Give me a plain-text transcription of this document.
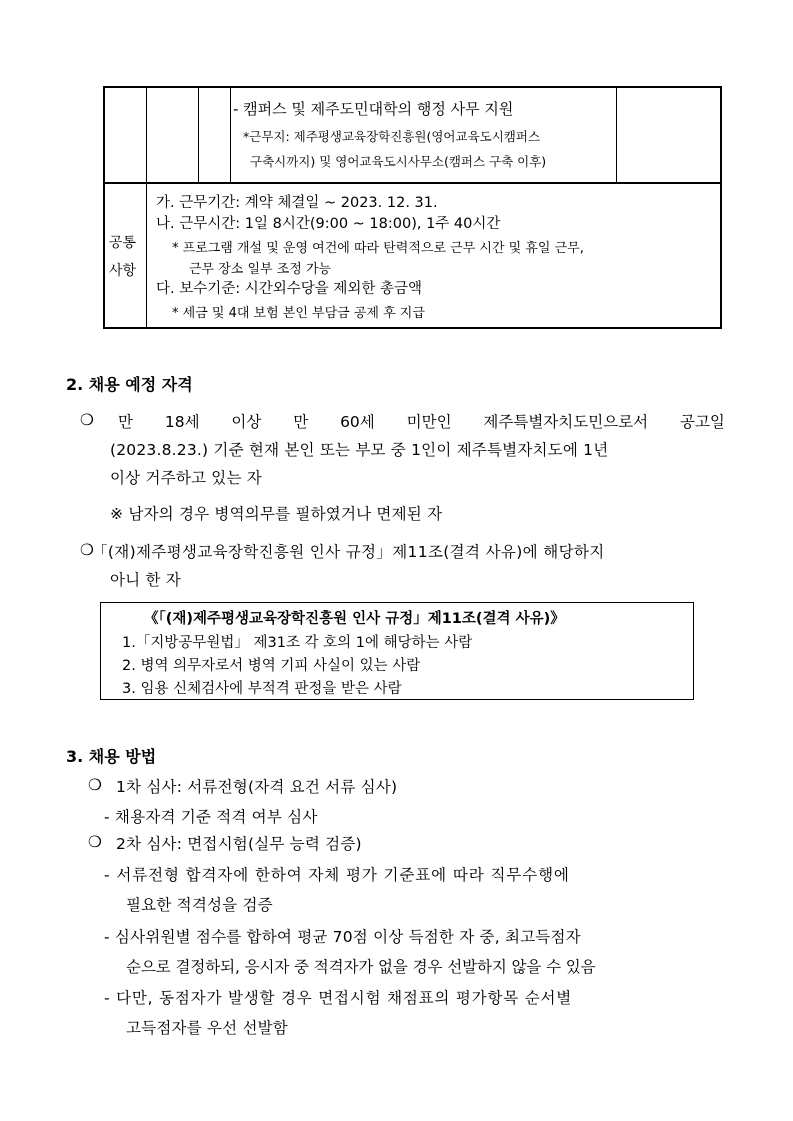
- 캠퍼스 및 제주도민대학의 행정 사무 지원
*근무지: 제주평생교육장학진흥원(영어교육도시캠퍼스
구축시까지) 및 영어교육도시사무소(캠퍼스 구축 이후)
공통
사항
가. 근무기간: 계약 체결일 ~ 2023. 12. 31.
나. 근무시간: 1일 8시간(9:00 ~ 18:00), 1주 40시간
* 프로그램 개설 및 운영 여건에 따라 탄력적으로 근무 시간 및 휴일 근무,
근무 장소 일부 조정 가능
다. 보수기준: 시간외수당을 제외한 총금액
* 세금 및 4대 보험 본인 부담금 공제 후 지급
2. 채용 예정 자격
❍ 만 18세 이상 만 60세 미만인 제주특별자치도민으로서 공고일
(2023.8.23.) 기준 현재 본인 또는 부모 중 1인이 제주특별자치도에 1년
이상 거주하고 있는 자
※ 남자의 경우 병역의무를 필하였거나 면제된 자
❍
「(재)제주평생교육장학진흥원 인사 규정」제11조(결격 사유)에 해당하지
아니 한 자
《「(재)제주평생교육장학진흥원 인사 규정」제11조(결격 사유)》
1.「지방공무원법」 제31조 각 호의 1에 해당하는 사람
2. 병역 의무자로서 병역 기피 사실이 있는 사람
3. 임용 신체검사에 부적격 판정을 받은 사람
3. 채용 방법
❍ 1차 심사: 서류전형(자격 요건 서류 심사)
- 채용자격 기준 적격 여부 심사
❍ 2차 심사: 면접시험(실무 능력 검증)
- 서류전형 합격자에 한하여 자체 평가 기준표에 따라 직무수행에
필요한 적격성을 검증
- 심사위원별 점수를 합하여 평균 70점 이상 득점한 자 중, 최고득점자
순으로 결정하되, 응시자 중 적격자가 없을 경우 선발하지 않을 수 있음
- 다만, 동점자가 발생할 경우 면접시험 채점표의 평가항목 순서별
고득점자를 우선 선발함
